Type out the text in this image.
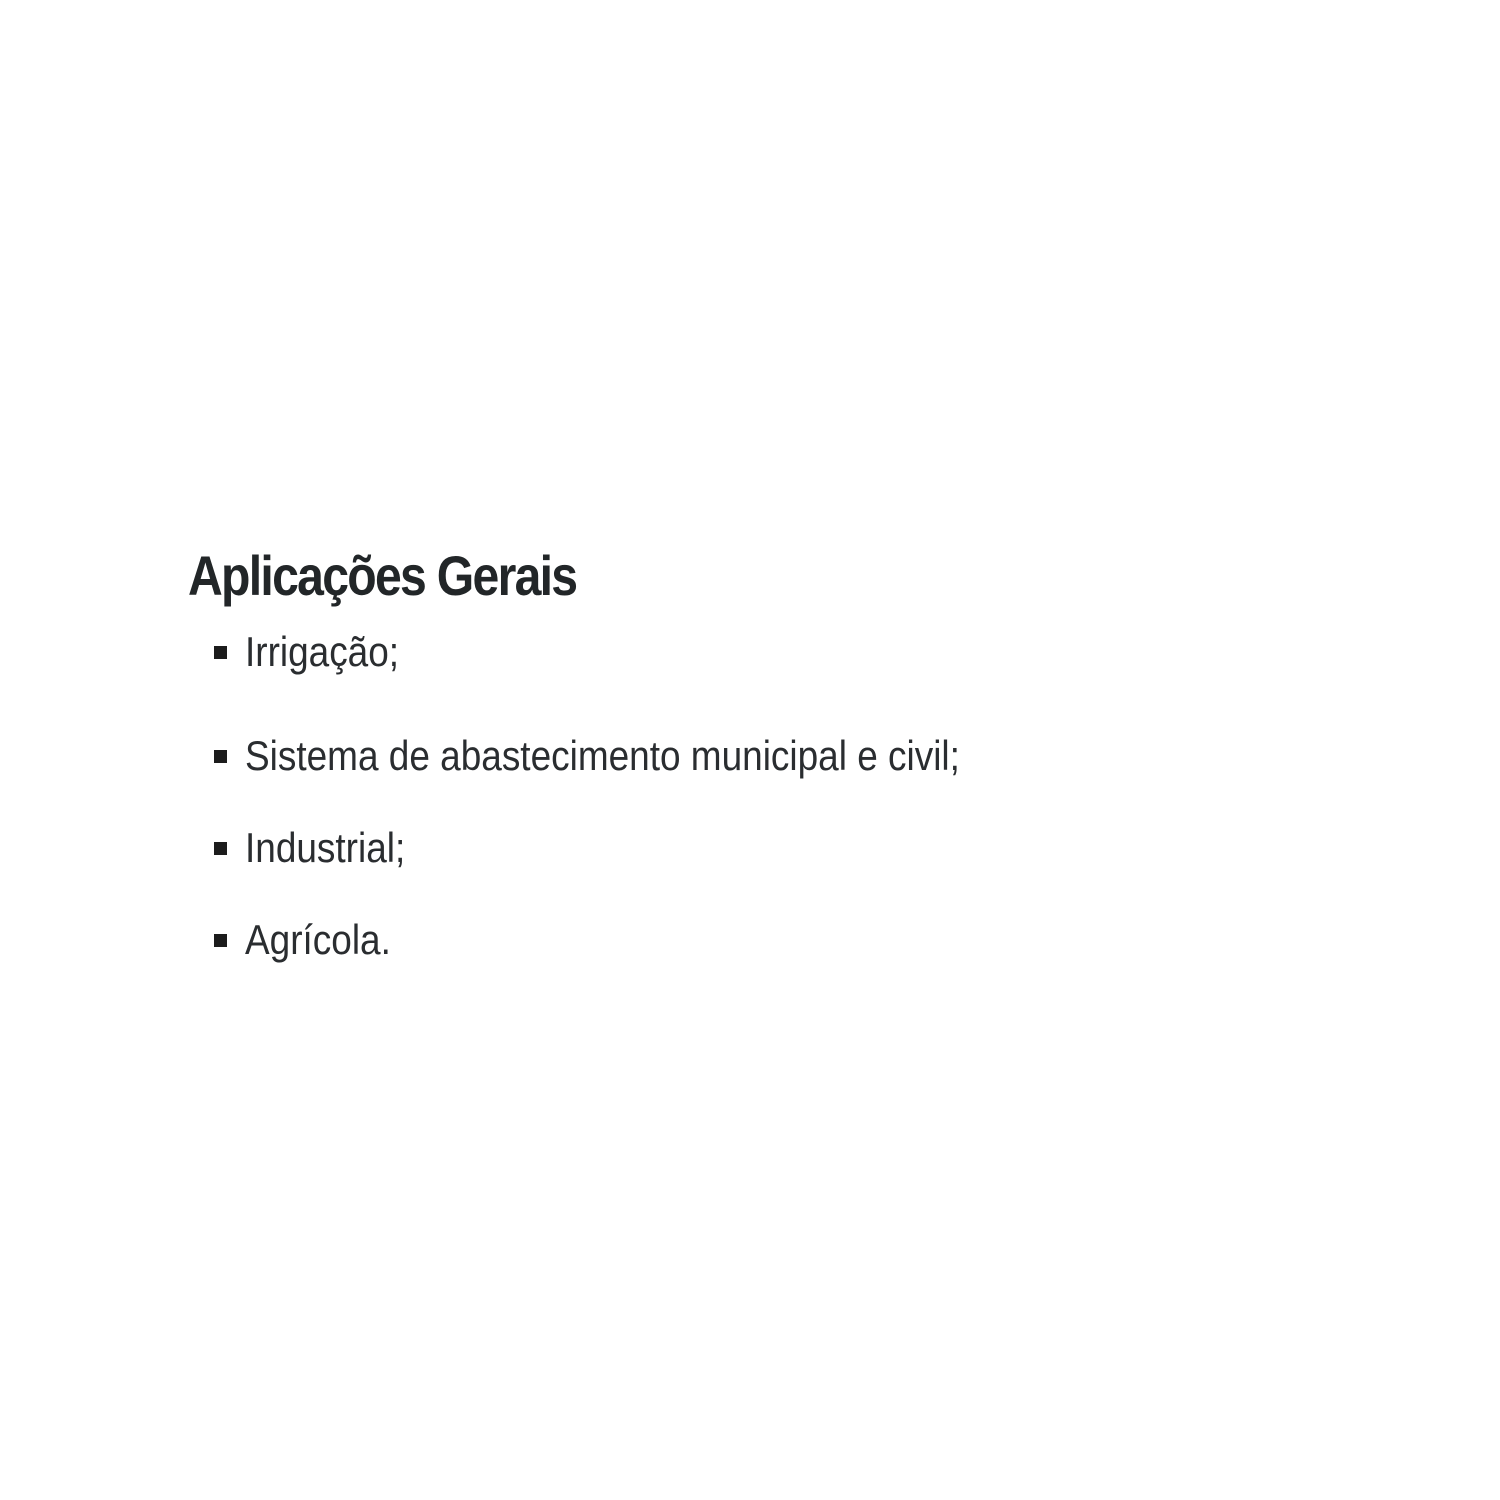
Aplicações Gerais
Irrigação;
Sistema de abastecimento municipal e civil;
Industrial;
Agrícola.
